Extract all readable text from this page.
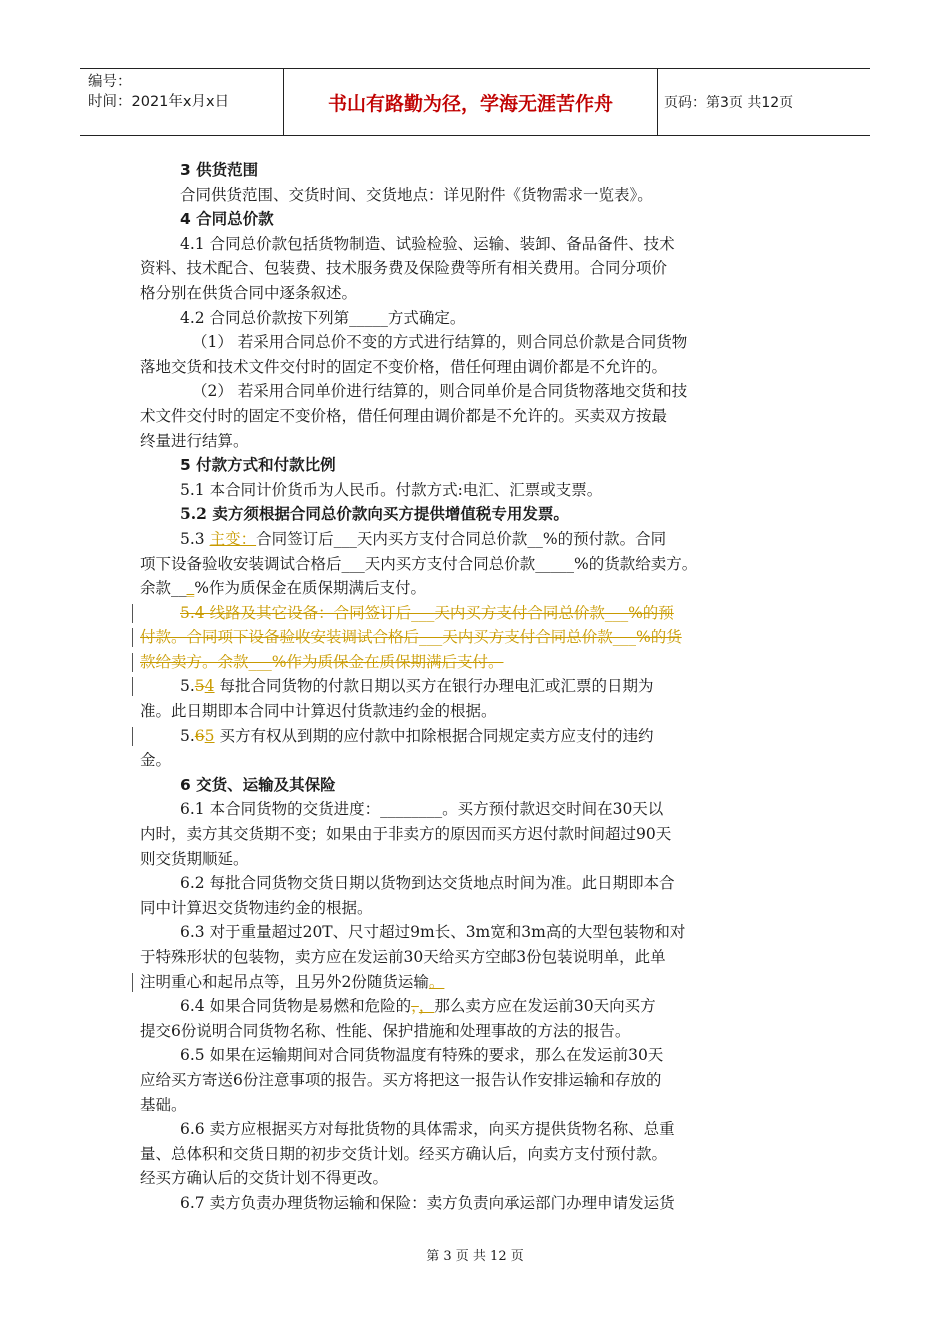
编号：
时间：2021年x月x日	书山有路勤为径，学海无涯苦作舟	页码：第3页 共12页
3 供货范围
合同供货范围、交货时间、交货地点：详见附件《货物需求一览表》。
4 合同总价款
4.1 合同总价款包括货物制造、试验检验、运输、装卸、备品备件、技术
资料、技术配合、包装费、技术服务费及保险费等所有相关费用。合同分项价
格分别在供货合同中逐条叙述。
4.2 合同总价款按下列第_____方式确定。
（1） 若采用合同总价不变的方式进行结算的，则合同总价款是合同货物
落地交货和技术文件交付时的固定不变价格，借任何理由调价都是不允许的。
（2） 若采用合同单价进行结算的，则合同单价是合同货物落地交货和技
术文件交付时的固定不变价格，借任何理由调价都是不允许的。买卖双方按最
终量进行结算。
5 付款方式和付款比例
5.1 本合同计价货币为人民币。付款方式:电汇、汇票或支票。
5.2 卖方须根据合同总价款向买方提供增值税专用发票。
5.3 主变：合同签订后___天内买方支付合同总价款__%的预付款。合同
项下设备验收安装调试合格后___天内买方支付合同总价款_____%的货款给卖方。
余款___%作为质保金在质保期满后支付。
5.4 线路及其它设备：合同签订后___天内买方支付合同总价款___%的预
付款。合同项下设备验收安装调试合格后___天内买方支付合同总价款___%的货
款给卖方。余款___%作为质保金在质保期满后支付。
5.54 每批合同货物的付款日期以买方在银行办理电汇或汇票的日期为
准。此日期即本合同中计算迟付货款违约金的根据。
5.65 买方有权从到期的应付款中扣除根据合同规定卖方应支付的违约
金。
6 交货、运输及其保险
6.1 本合同货物的交货进度：________。买方预付款迟交时间在30天以
内时，卖方其交货期不变；如果由于非卖方的原因而买方迟付款时间超过90天
则交货期顺延。
6.2 每批合同货物交货日期以货物到达交货地点时间为准。此日期即本合
同中计算迟交货物违约金的根据。
6.3 对于重量超过20T、尺寸超过9m长、3m宽和3m高的大型包装物和对
于特殊形状的包装物，卖方应在发运前30天给买方空邮3份包装说明单，此单
注明重心和起吊点等，且另外2份随货运输。
6.4 如果合同货物是易燃和危险的，，那么卖方应在发运前30天向买方
提交6份说明合同货物名称、性能、保护措施和处理事故的方法的报告。
6.5 如果在运输期间对合同货物温度有特殊的要求，那么在发运前30天
应给买方寄送6份注意事项的报告。买方将把这一报告认作安排运输和存放的
基础。
6.6 卖方应根据买方对每批货物的具体需求，向买方提供货物名称、总重
量、总体积和交货日期的初步交货计划。经买方确认后，向卖方支付预付款。
经买方确认后的交货计划不得更改。
6.7 卖方负责办理货物运输和保险：卖方负责向承运部门办理申请发运货
第 3 页 共 12 页
